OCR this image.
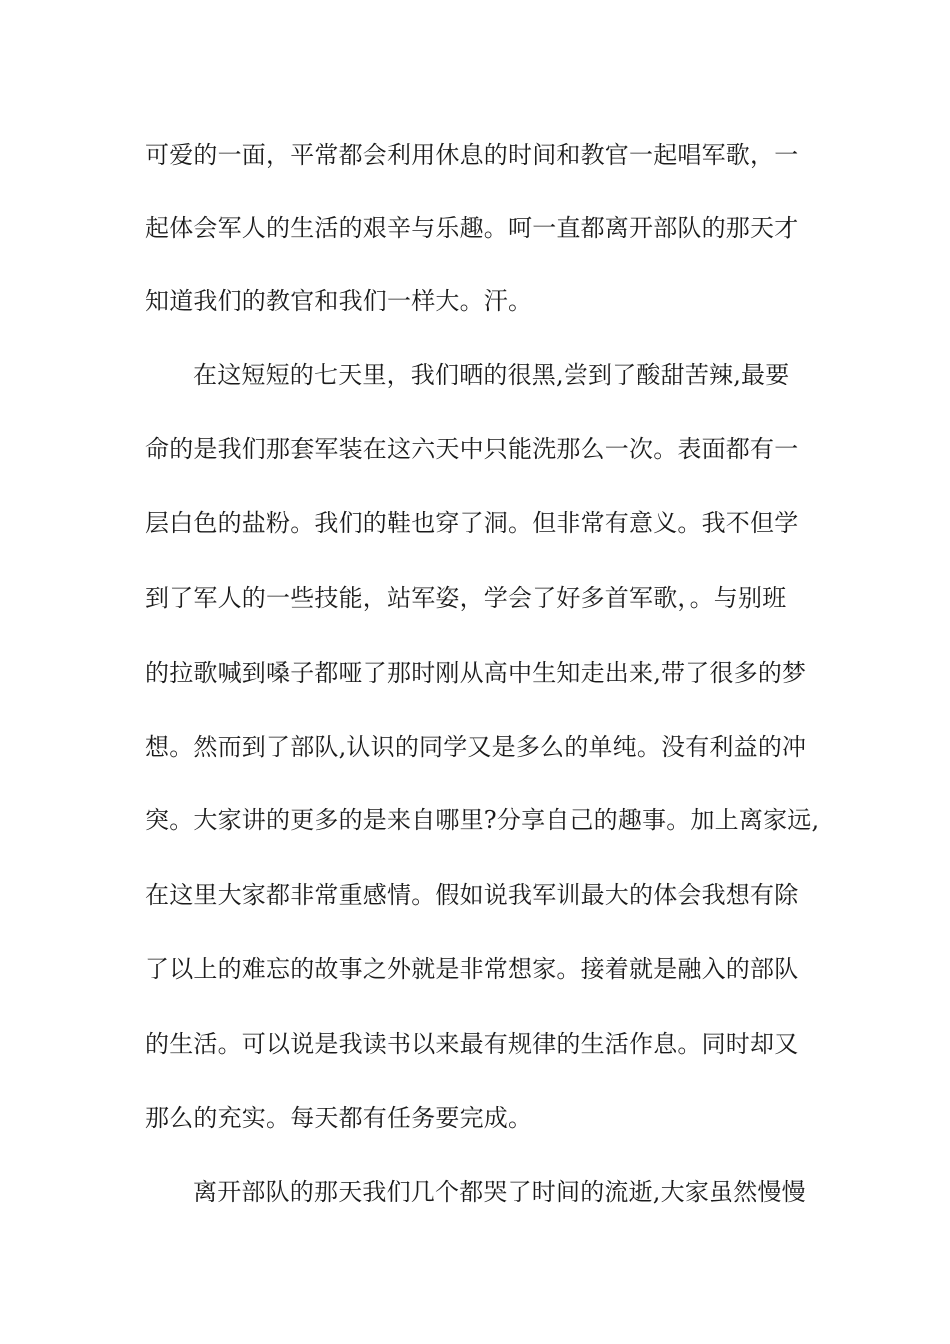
可爱的一面，平常都会利用休息的时间和教官一起唱军歌，一
起体会军人的生活的艰辛与乐趣。呵一直都离开部队的那天才
知道我们的教官和我们一样大。汗。
在这短短的七天里，我们晒的很黑,尝到了酸甜苦辣,最要
命的是我们那套军装在这六天中只能洗那么一次。表面都有一
层白色的盐粉。我们的鞋也穿了洞。但非常有意义。我不但学
到了军人的一些技能，站军姿，学会了好多首军歌，。与别班
的拉歌喊到嗓子都哑了那时刚从高中生知走出来,带了很多的梦
想。然而到了部队,认识的同学又是多么的单纯。没有利益的冲
突。大家讲的更多的是来自哪里?分享自己的趣事。加上离家远,
在这里大家都非常重感情。假如说我军训最大的体会我想有除
了以上的难忘的故事之外就是非常想家。接着就是融入的部队
的生活。可以说是我读书以来最有规律的生活作息。同时却又
那么的充实。每天都有任务要完成。
离开部队的那天我们几个都哭了时间的流逝,大家虽然慢慢
